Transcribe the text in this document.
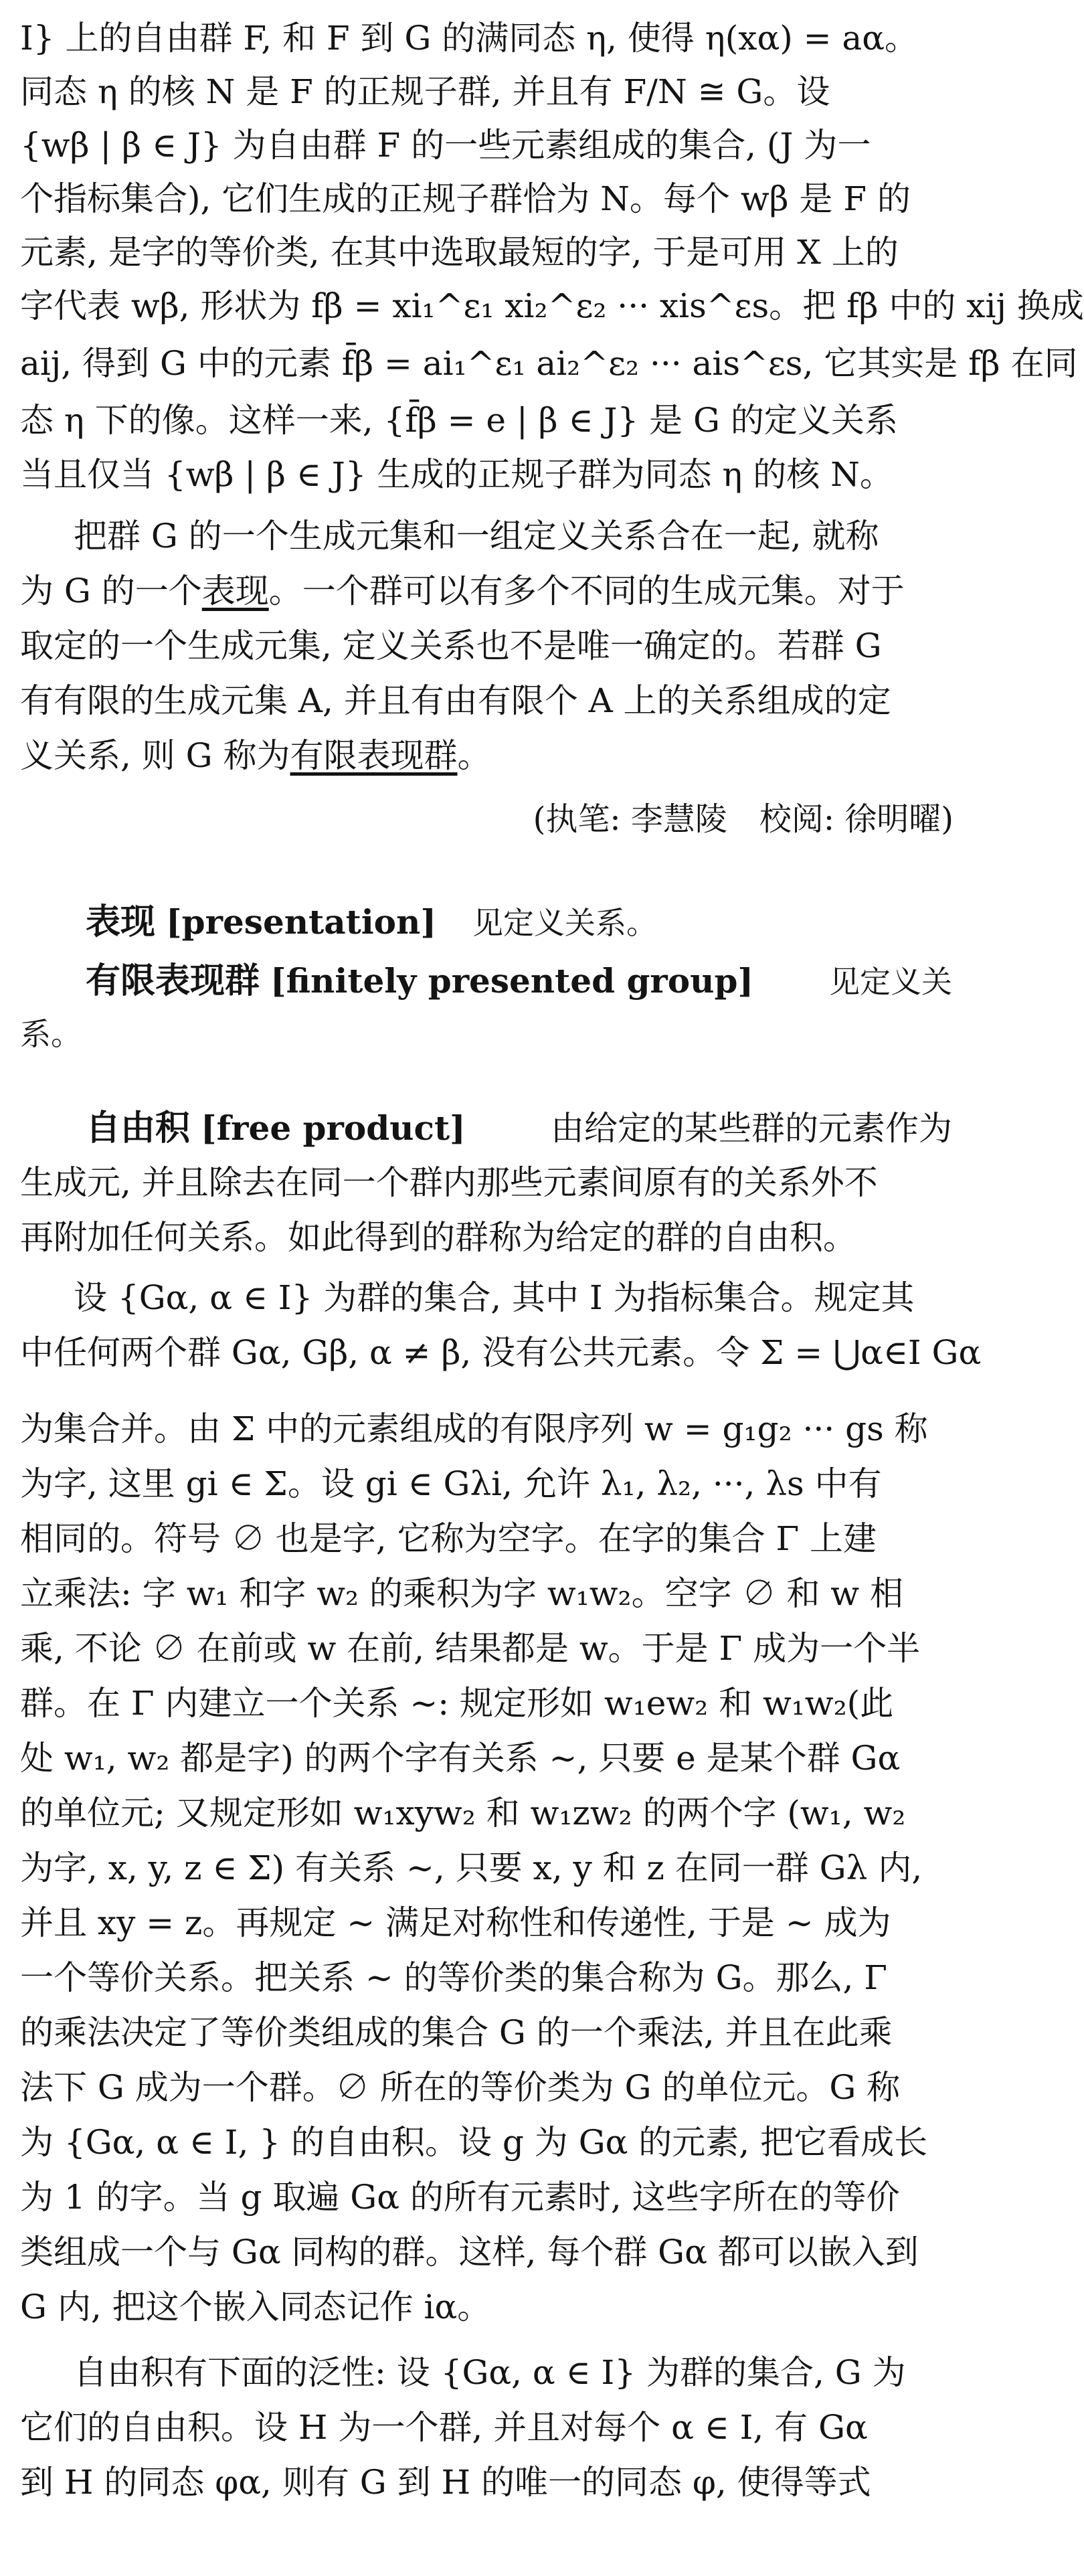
I} 上的自由群 F, 和 F 到 G 的满同态 η, 使得 η(xα) = aα。
同态 η 的核 N 是 F 的正规子群, 并且有 F/N ≅ G。设
{wβ | β ∈ J} 为自由群 F 的一些元素组成的集合, (J 为一
个指标集合), 它们生成的正规子群恰为 N。每个 wβ 是 F 的
元素, 是字的等价类, 在其中选取最短的字, 于是可用 X 上的
字代表 wβ, 形状为 fβ = xi₁^ε₁ xi₂^ε₂ ··· xis^εs。把 fβ 中的 xij 换成
aij, 得到 G 中的元素 f̄β = ai₁^ε₁ ai₂^ε₂ ··· ais^εs, 它其实是 fβ 在同
态 η 下的像。这样一来, {f̄β = e | β ∈ J} 是 G 的定义关系
当且仅当 {wβ | β ∈ J} 生成的正规子群为同态 η 的核 N。
把群 G 的一个生成元集和一组定义关系合在一起, 就称
为 G 的一个 表现 。一个群可以有多个不同的生成元集。对于
取定的一个生成元集, 定义关系也不是唯一确定的。若群 G
有有限的生成元集 A, 并且有由有限个 A 上的关系组成的定
义关系, 则 G 称为 有限表现群 。
(执笔: 李慧陵　校阅: 徐明曜)
表现 [presentation] 见定义关系。
有限表现群 [finitely presented group] 见定义关
系。
自由积 [free product]	由给定的某些群的元素作为
生成元, 并且除去在同一个群内那些元素间原有的关系外不
再附加任何关系。如此得到的群称为给定的群的自由积。
设 {Gα, α ∈ I} 为群的集合, 其中 I 为指标集合。规定其
中任何两个群 Gα, Gβ, α ≠ β, 没有公共元素。令 Σ = ⋃α∈I Gα
为集合并。由 Σ 中的元素组成的有限序列 w = g₁g₂ ··· gs 称
为字, 这里 gi ∈ Σ。设 gi ∈ Gλi, 允许 λ₁, λ₂, ···, λs 中有
相同的。符号 ∅ 也是字, 它称为空字。在字的集合 Γ 上建
立乘法: 字 w₁ 和字 w₂ 的乘积为字 w₁w₂。空字 ∅ 和 w 相
乘, 不论 ∅ 在前或 w 在前, 结果都是 w。于是 Γ 成为一个半
群。在 Γ 内建立一个关系 ∼: 规定形如 w₁ew₂ 和 w₁w₂(此
处 w₁, w₂ 都是字) 的两个字有关系 ∼, 只要 e 是某个群 Gα
的单位元; 又规定形如 w₁xyw₂ 和 w₁zw₂ 的两个字 (w₁, w₂
为字, x, y, z ∈ Σ) 有关系 ∼, 只要 x, y 和 z 在同一群 Gλ 内,
并且 xy = z。再规定 ∼ 满足对称性和传递性, 于是 ∼ 成为
一个等价关系。把关系 ∼ 的等价类的集合称为 G。那么, Γ
的乘法决定了等价类组成的集合 G 的一个乘法, 并且在此乘
法下 G 成为一个群。∅ 所在的等价类为 G 的单位元。G 称
为 {Gα, α ∈ I, } 的自由积。设 g 为 Gα 的元素, 把它看成长
为 1 的字。当 g 取遍 Gα 的所有元素时, 这些字所在的等价
类组成一个与 Gα 同构的群。这样, 每个群 Gα 都可以嵌入到
G 内, 把这个嵌入同态记作 iα。
自由积有下面的泛性: 设 {Gα, α ∈ I} 为群的集合, G 为
它们的自由积。设 H 为一个群, 并且对每个 α ∈ I, 有 Gα
到 H 的同态 φα, 则有 G 到 H 的唯一的同态 φ, 使得等式
